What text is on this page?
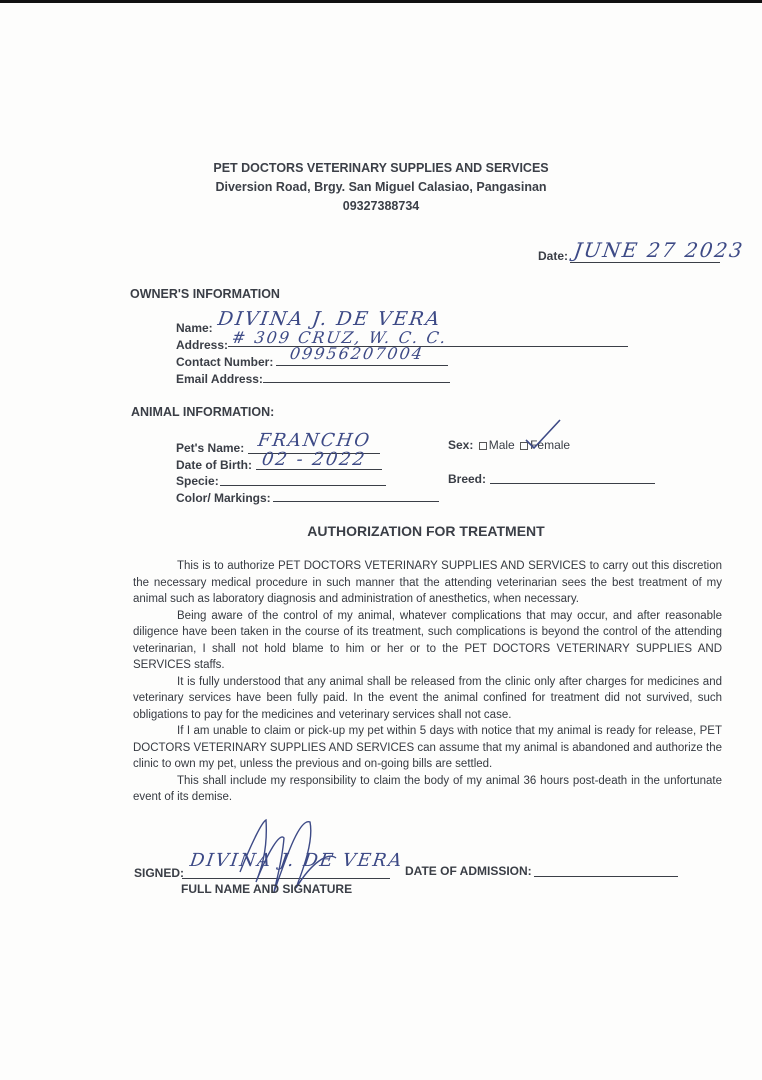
PET DOCTORS VETERINARY SUPPLIES AND SERVICES
Diversion Road, Brgy. San Miguel Calasiao, Pangasinan
09327388734
Date: JUNE 27 2023
OWNER'S INFORMATION
Name: DIVINA J. DE VERA
Address: # 309 CRUZ, W. C. C.
Contact Number: 09956207004
Email Address:
ANIMAL INFORMATION:
Pet's Name: FRANCHO
Date of Birth: 02 - 2022
Specie:
Color/ Markings:
Sex: Male Female
Breed:
AUTHORIZATION FOR TREATMENT

This is to authorize PET DOCTORS VETERINARY SUPPLIES AND SERVICES to carry out this discretion the necessary medical procedure in such manner that the attending veterinarian sees the best treatment of my animal such as laboratory diagnosis and administration of anesthetics, when necessary.

Being aware of the control of my animal, whatever complications that may occur, and after reasonable diligence have been taken in the course of its treatment, such complications is beyond the control of the attending veterinarian, I shall not hold blame to him or her or to the PET DOCTORS VETERINARY SUPPLIES AND SERVICES staffs.

It is fully understood that any animal shall be released from the clinic only after charges for medicines and veterinary services have been fully paid. In the event the animal confined for treatment did not survived, such obligations to pay for the medicines and veterinary services shall not case.

If I am unable to claim or pick-up my pet within 5 days with notice that my animal is ready for release, PET DOCTORS VETERINARY SUPPLIES AND SERVICES can assume that my animal is abandoned and authorize the clinic to own my pet, unless the previous and on-going bills are settled.

This shall include my responsibility to claim the body of my animal 36 hours post-death in the unfortunate event of its demise.

SIGNED:
DIVINA J. DE VERA
FULL NAME AND SIGNATURE
DATE OF ADMISSION:
